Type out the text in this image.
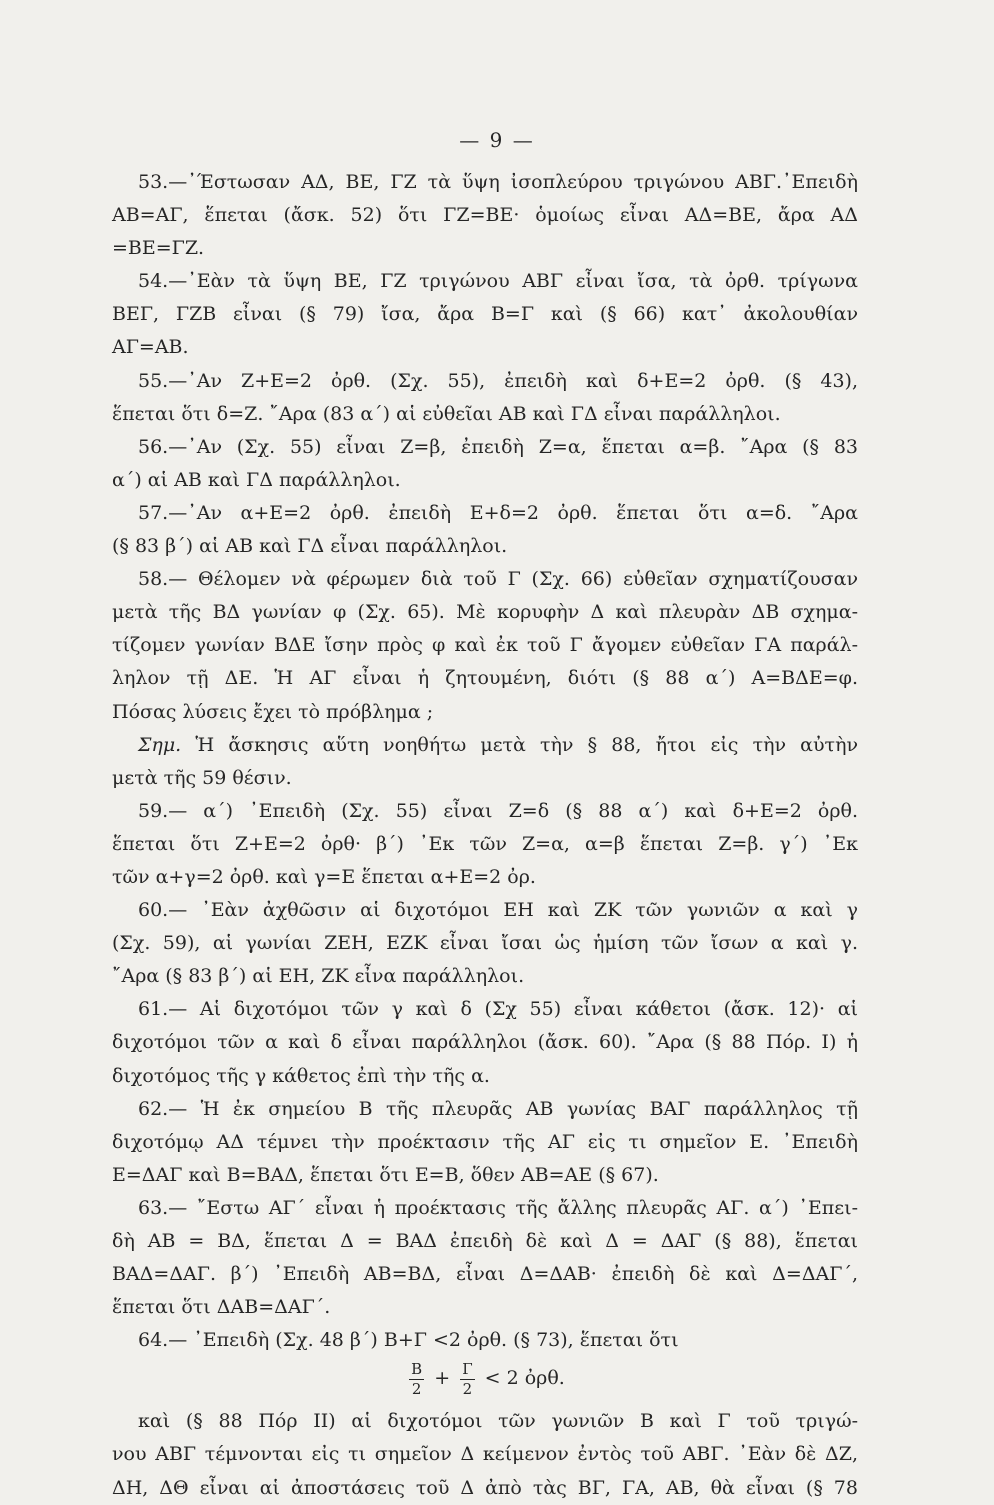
— 9 —
53.—᾿Έστωσαν ΑΔ, ΒΕ, ΓΖ τὰ ὕψη ἰσοπλεύρου τριγώνου ΑΒΓ.᾿Επειδὴ
ΑΒ=ΑΓ, ἕπεται (ἄσκ. 52) ὅτι ΓΖ=ΒΕ· ὁμοίως εἶναι ΑΔ=ΒΕ, ἄρα ΑΔ
=ΒΕ=ΓΖ.
54.—᾿Εὰν τὰ ὕψη ΒΕ, ΓΖ τριγώνου ΑΒΓ εἶναι ἴσα, τὰ ὀρθ. τρίγωνα
ΒΕΓ, ΓΖΒ εἶναι (§ 79) ἴσα, ἄρα Β=Γ καὶ (§ 66) κατ᾿ ἀκολουθίαν
ΑΓ=ΑΒ.
55.—᾿Αν Ζ+Ε=2 ὀρθ. (Σχ. 55), ἐπειδὴ καὶ δ+Ε=2 ὀρθ. (§ 43),
ἕπεται ὅτι δ=Ζ. ῎Αρα (83 α΄) αἱ εὐθεῖαι ΑΒ καὶ ΓΔ εἶναι παράλληλοι.
56.—᾿Αν (Σχ. 55) εἶναι Ζ=β, ἐπειδὴ Ζ=α, ἕπεται α=β. ῎Αρα (§ 83
α΄) αἱ ΑΒ καὶ ΓΔ παράλληλοι.
57.—᾿Αν α+Ε=2 ὀρθ. ἐπειδὴ Ε+δ=2 ὀρθ. ἕπεται ὅτι α=δ. ῎Αρα
(§ 83 β΄) αἱ ΑΒ καὶ ΓΔ εἶναι παράλληλοι.
58.— Θέλομεν νὰ φέρωμεν διὰ τοῦ Γ (Σχ. 66) εὐθεῖαν σχηματίζουσαν
μετὰ τῆς ΒΔ γωνίαν φ (Σχ. 65). Μὲ κορυφὴν Δ καὶ πλευρὰν ΔΒ σχημα-
τίζομεν γωνίαν ΒΔΕ ἴσην πρὸς φ καὶ ἐκ τοῦ Γ ἄγομεν εὐθεῖαν ΓΑ παράλ-
ληλον τῇ ΔΕ. Ἡ ΑΓ εἶναι ἡ ζητουμένη, διότι (§ 88 α΄) Α=ΒΔΕ=φ.
Πόσας λύσεις ἔχει τὸ πρόβλημα ;
Σημ. Ἡ ἄσκησις αὕτη νοηθήτω μετὰ τὴν § 88, ἤτοι εἰς τὴν αὐτὴν
μετὰ τῆς 59 θέσιν.
59.— α΄) ᾿Επειδὴ (Σχ. 55) εἶναι Ζ=δ (§ 88 α΄) καὶ δ+Ε=2 ὀρθ.
ἕπεται ὅτι Ζ+Ε=2 ὀρθ· β΄) ᾿Εκ τῶν Ζ=α, α=β ἕπεται Ζ=β. γ΄) ᾿Εκ
τῶν α+γ=2 ὀρθ. καὶ γ=Ε ἕπεται α+Ε=2 ὀρ.
60.— ᾿Εὰν ἀχθῶσιν αἱ διχοτόμοι ΕΗ καὶ ΖΚ τῶν γωνιῶν α καὶ γ
(Σχ. 59), αἱ γωνίαι ΖΕΗ, ΕΖΚ εἶναι ἴσαι ὡς ἡμίση τῶν ἴσων α καὶ γ.
῎Αρα (§ 83 β΄) αἱ ΕΗ, ΖΚ εἶνα παράλληλοι.
61.— Αἱ διχοτόμοι τῶν γ καὶ δ (Σχ 55) εἶναι κάθετοι (ἄσκ. 12)· αἱ
διχοτόμοι τῶν α καὶ δ εἶναι παράλληλοι (ἄσκ. 60). ῎Αρα (§ 88 Πόρ. Ι) ἡ
διχοτόμος τῆς γ κάθετος ἐπὶ τὴν τῆς α.
62.— Ἡ ἐκ σημείου Β τῆς πλευρᾶς ΑΒ γωνίας ΒΑΓ παράλληλος τῇ
διχοτόμῳ ΑΔ τέμνει τὴν προέκτασιν τῆς ΑΓ εἰς τι σημεῖον Ε. ᾿Επειδὴ
Ε=ΔΑΓ καὶ Β=ΒΑΔ, ἕπεται ὅτι Ε=Β, ὅθεν ΑΒ=ΑΕ (§ 67).
63.— ῎Εστω ΑΓ΄ εἶναι ἡ προέκτασις τῆς ἄλλης πλευρᾶς ΑΓ. α΄) ᾿Επει-
δὴ ΑΒ = ΒΔ, ἕπεται Δ = ΒΑΔ ἐπειδὴ δὲ καὶ Δ = ΔΑΓ (§ 88), ἕπεται
ΒΑΔ=ΔΑΓ. β΄) ᾿Επειδὴ ΑΒ=ΒΔ, εἶναι Δ=ΔΑΒ· ἐπειδὴ δὲ καὶ Δ=ΔΑΓ΄,
ἕπεται ὅτι ΔΑΒ=ΔΑΓ΄.
64.— ᾿Επειδὴ (Σχ. 48 β΄) Β+Γ <2 ὀρθ. (§ 73), ἕπεται ὅτι
$\frac{B}{2} + \frac{\Gamma}{2} < 2$ ὀρθ.
καὶ (§ 88 Πόρ ΙΙ) αἱ διχοτόμοι τῶν γωνιῶν Β καὶ Γ τοῦ τριγώ-
νου ΑΒΓ τέμνονται εἰς τι σημεῖον Δ κείμενον ἐντὸς τοῦ ΑΒΓ. ᾿Εὰν δὲ ΔΖ,
ΔΗ, ΔΘ εἶναι αἱ ἀποστάσεις τοῦ Δ ἀπὸ τὰς ΒΓ, ΓΑ, ΑΒ, θὰ εἶναι (§ 78
